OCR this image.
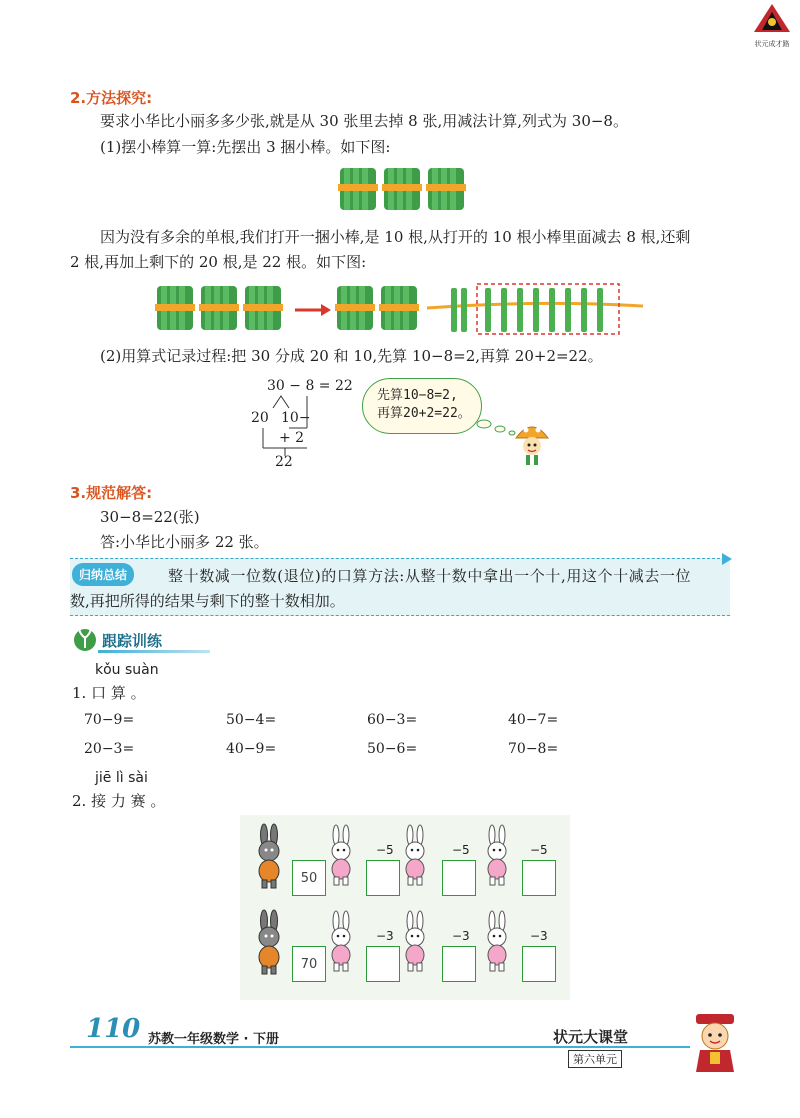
状元成才路
2.方法探究:
要求小华比小丽多多少张,就是从 30 张里去掉 8 张,用减法计算,列式为 30−8。
(1)摆小棒算一算:先摆出 3 捆小棒。如下图:
因为没有多余的单根,我们打开一捆小棒,是 10 根,从打开的 10 根小棒里面减去 8 根,还剩
2 根,再加上剩下的 20 根,是 22 根。如下图:
(2)用算式记录过程:把 30 分成 20 和 10,先算 10−8=2,再算 20+2=22。
30 − 8 = 22
20 10−
+ 2
22
先算10−8=2,
再算20+2=22。
3.规范解答:
30−8=22(张)
答:小华比小丽多 22 张。
归纳总结	整十数减一位数(退位)的口算方法:从整十数中拿出一个十,用这个十减去一位
数,再把所得的结果与剩下的整十数相加。
跟踪训练
kǒu suàn
1. 口 算 。
70−9=	50−4=	60−3=	40−7=
20−3=	40−9=	50−6=	70−8=
jiē lì sài
2. 接 力 赛 。
50
−5	−5	−5
70
−3	−3	−3
110 苏教一年级数学 · 下册	状元大课堂
第六单元
